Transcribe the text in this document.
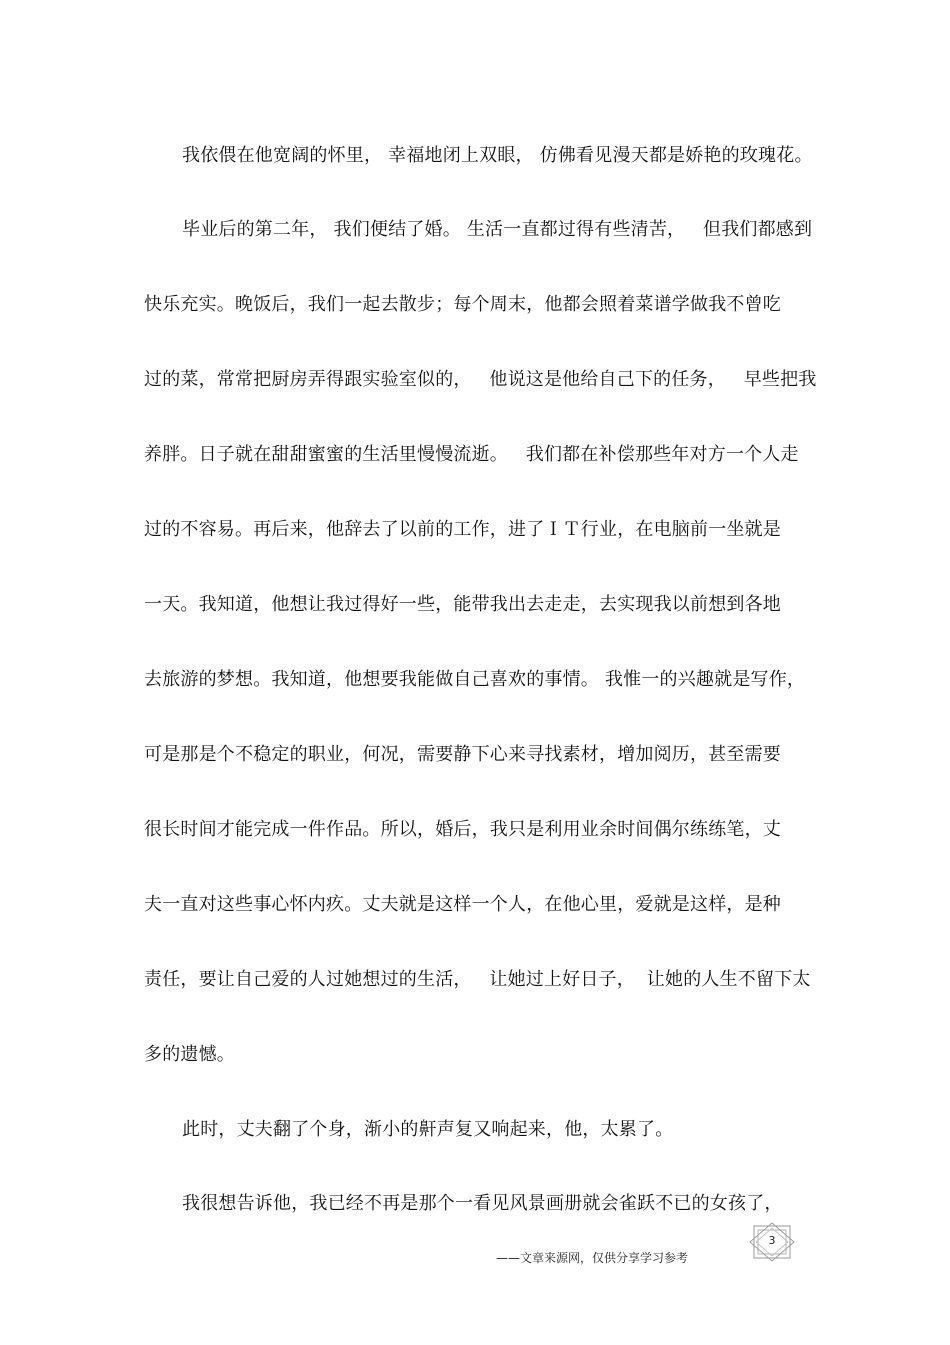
我依偎在他宽阔的怀里， 幸福地闭上双眼， 仿佛看见漫天都是娇艳的玫瑰花。
毕业后的第二年， 我们便结了婚。 生活一直都过得有些清苦，   但我们都感到
快乐充实。晚饭后，我们一起去散步；每个周末，他都会照着菜谱学做我不曾吃
过的菜，常常把厨房弄得跟实验室似的，   他说这是他给自己下的任务，   早些把我
养胖。日子就在甜甜蜜蜜的生活里慢慢流逝。   我们都在补偿那些年对方一个人走
过的不容易。再后来，他辞去了以前的工作，进了ＩＴ行业，在电脑前一坐就是
一天。我知道，他想让我过得好一些，能带我出去走走，去实现我以前想到各地
去旅游的梦想。我知道，他想要我能做自己喜欢的事情。 我惟一的兴趣就是写作，
可是那是个不稳定的职业，何况，需要静下心来寻找素材，增加阅历，甚至需要
很长时间才能完成一件作品。所以，婚后，我只是利用业余时间偶尔练练笔，丈
夫一直对这些事心怀内疚。丈夫就是这样一个人，在他心里，爱就是这样，是种
责任，要让自己爱的人过她想过的生活，   让她过上好日子，  让她的人生不留下太
多的遗憾。
此时，丈夫翻了个身，渐小的鼾声复又响起来，他，太累了。
我很想告诉他，我已经不再是那个一看见风景画册就会雀跃不已的女孩了，
3
——文章来源网，仅供分享学习参考
